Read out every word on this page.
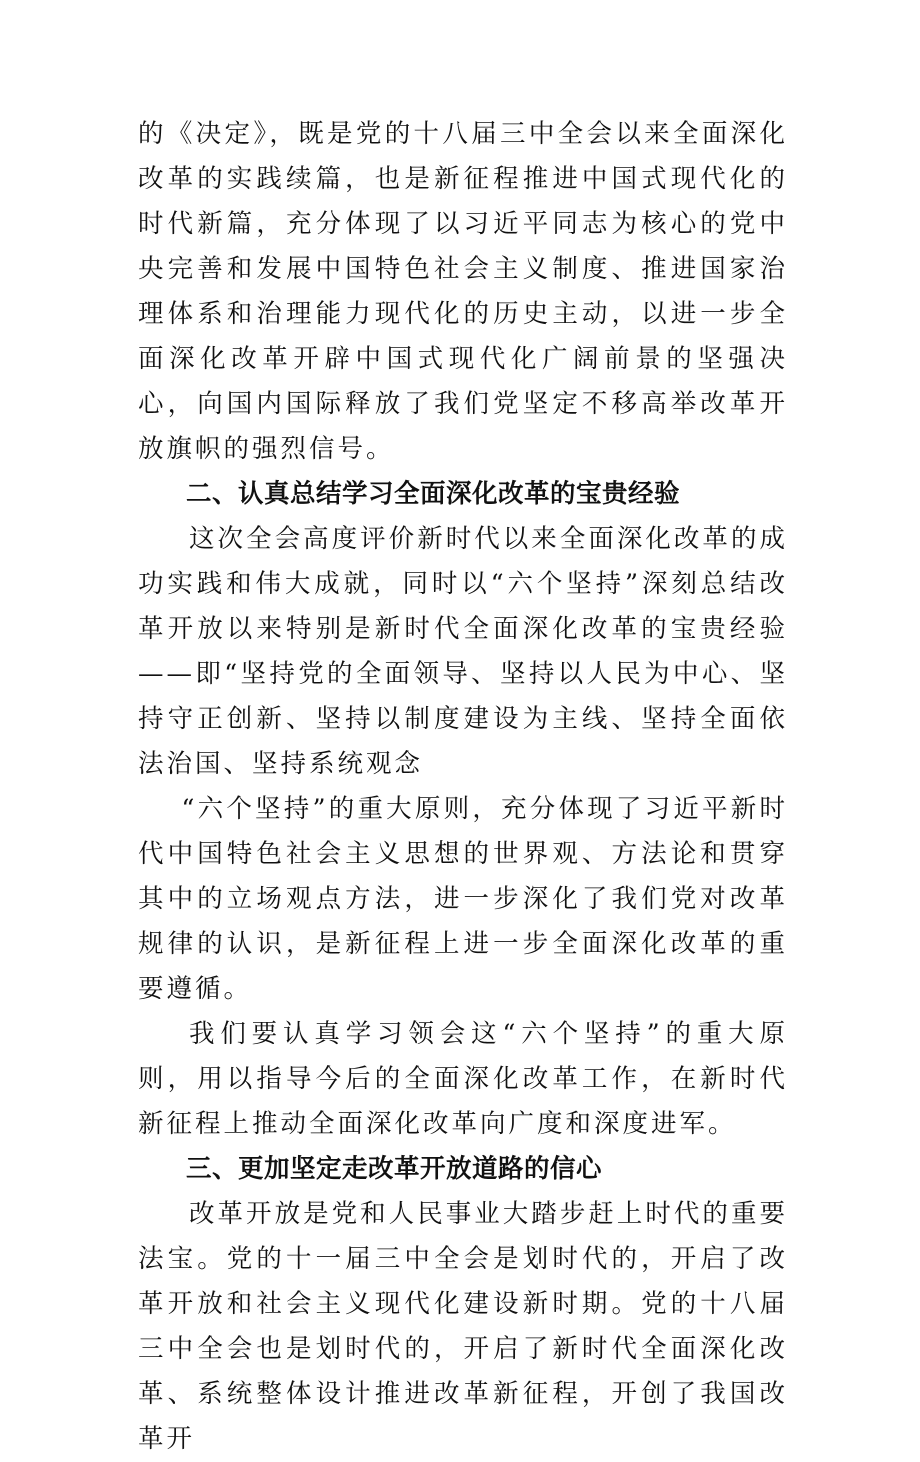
的《决定》，既是党的十八届三中全会以来全面深化改革的实践续篇，也是新征程推进中国式现代化的时代新篇，充分体现了以习近平同志为核心的党中央完善和发展中国特色社会主义制度、推进国家治理体系和治理能力现代化的历史主动，以进一步全面深化改革开辟中国式现代化广阔前景的坚强决心，向国内国际释放了我们党坚定不移高举改革开放旗帜的强烈信号。

二、认真总结学习全面深化改革的宝贵经验

这次全会高度评价新时代以来全面深化改革的成功实践和伟大成就，同时以“六个坚持”深刻总结改革开放以来特别是新时代全面深化改革的宝贵经验——即“坚持党的全面领导、坚持以人民为中心、坚持守正创新、坚持以制度建设为主线、坚持全面依法治国、坚持系统观念

“六个坚持”的重大原则，充分体现了习近平新时代中国特色社会主义思想的世界观、方法论和贯穿其中的立场观点方法，进一步深化了我们党对改革规律的认识，是新征程上进一步全面深化改革的重要遵循。

我们要认真学习领会这“六个坚持”的重大原则，用以指导今后的全面深化改革工作，在新时代新征程上推动全面深化改革向广度和深度进军。

三、更加坚定走改革开放道路的信心

改革开放是党和人民事业大踏步赶上时代的重要法宝。党的十一届三中全会是划时代的，开启了改革开放和社会主义现代化建设新时期。党的十八届三中全会也是划时代的，开启了新时代全面深化改革、系统整体设计推进改革新征程，开创了我国改革开
